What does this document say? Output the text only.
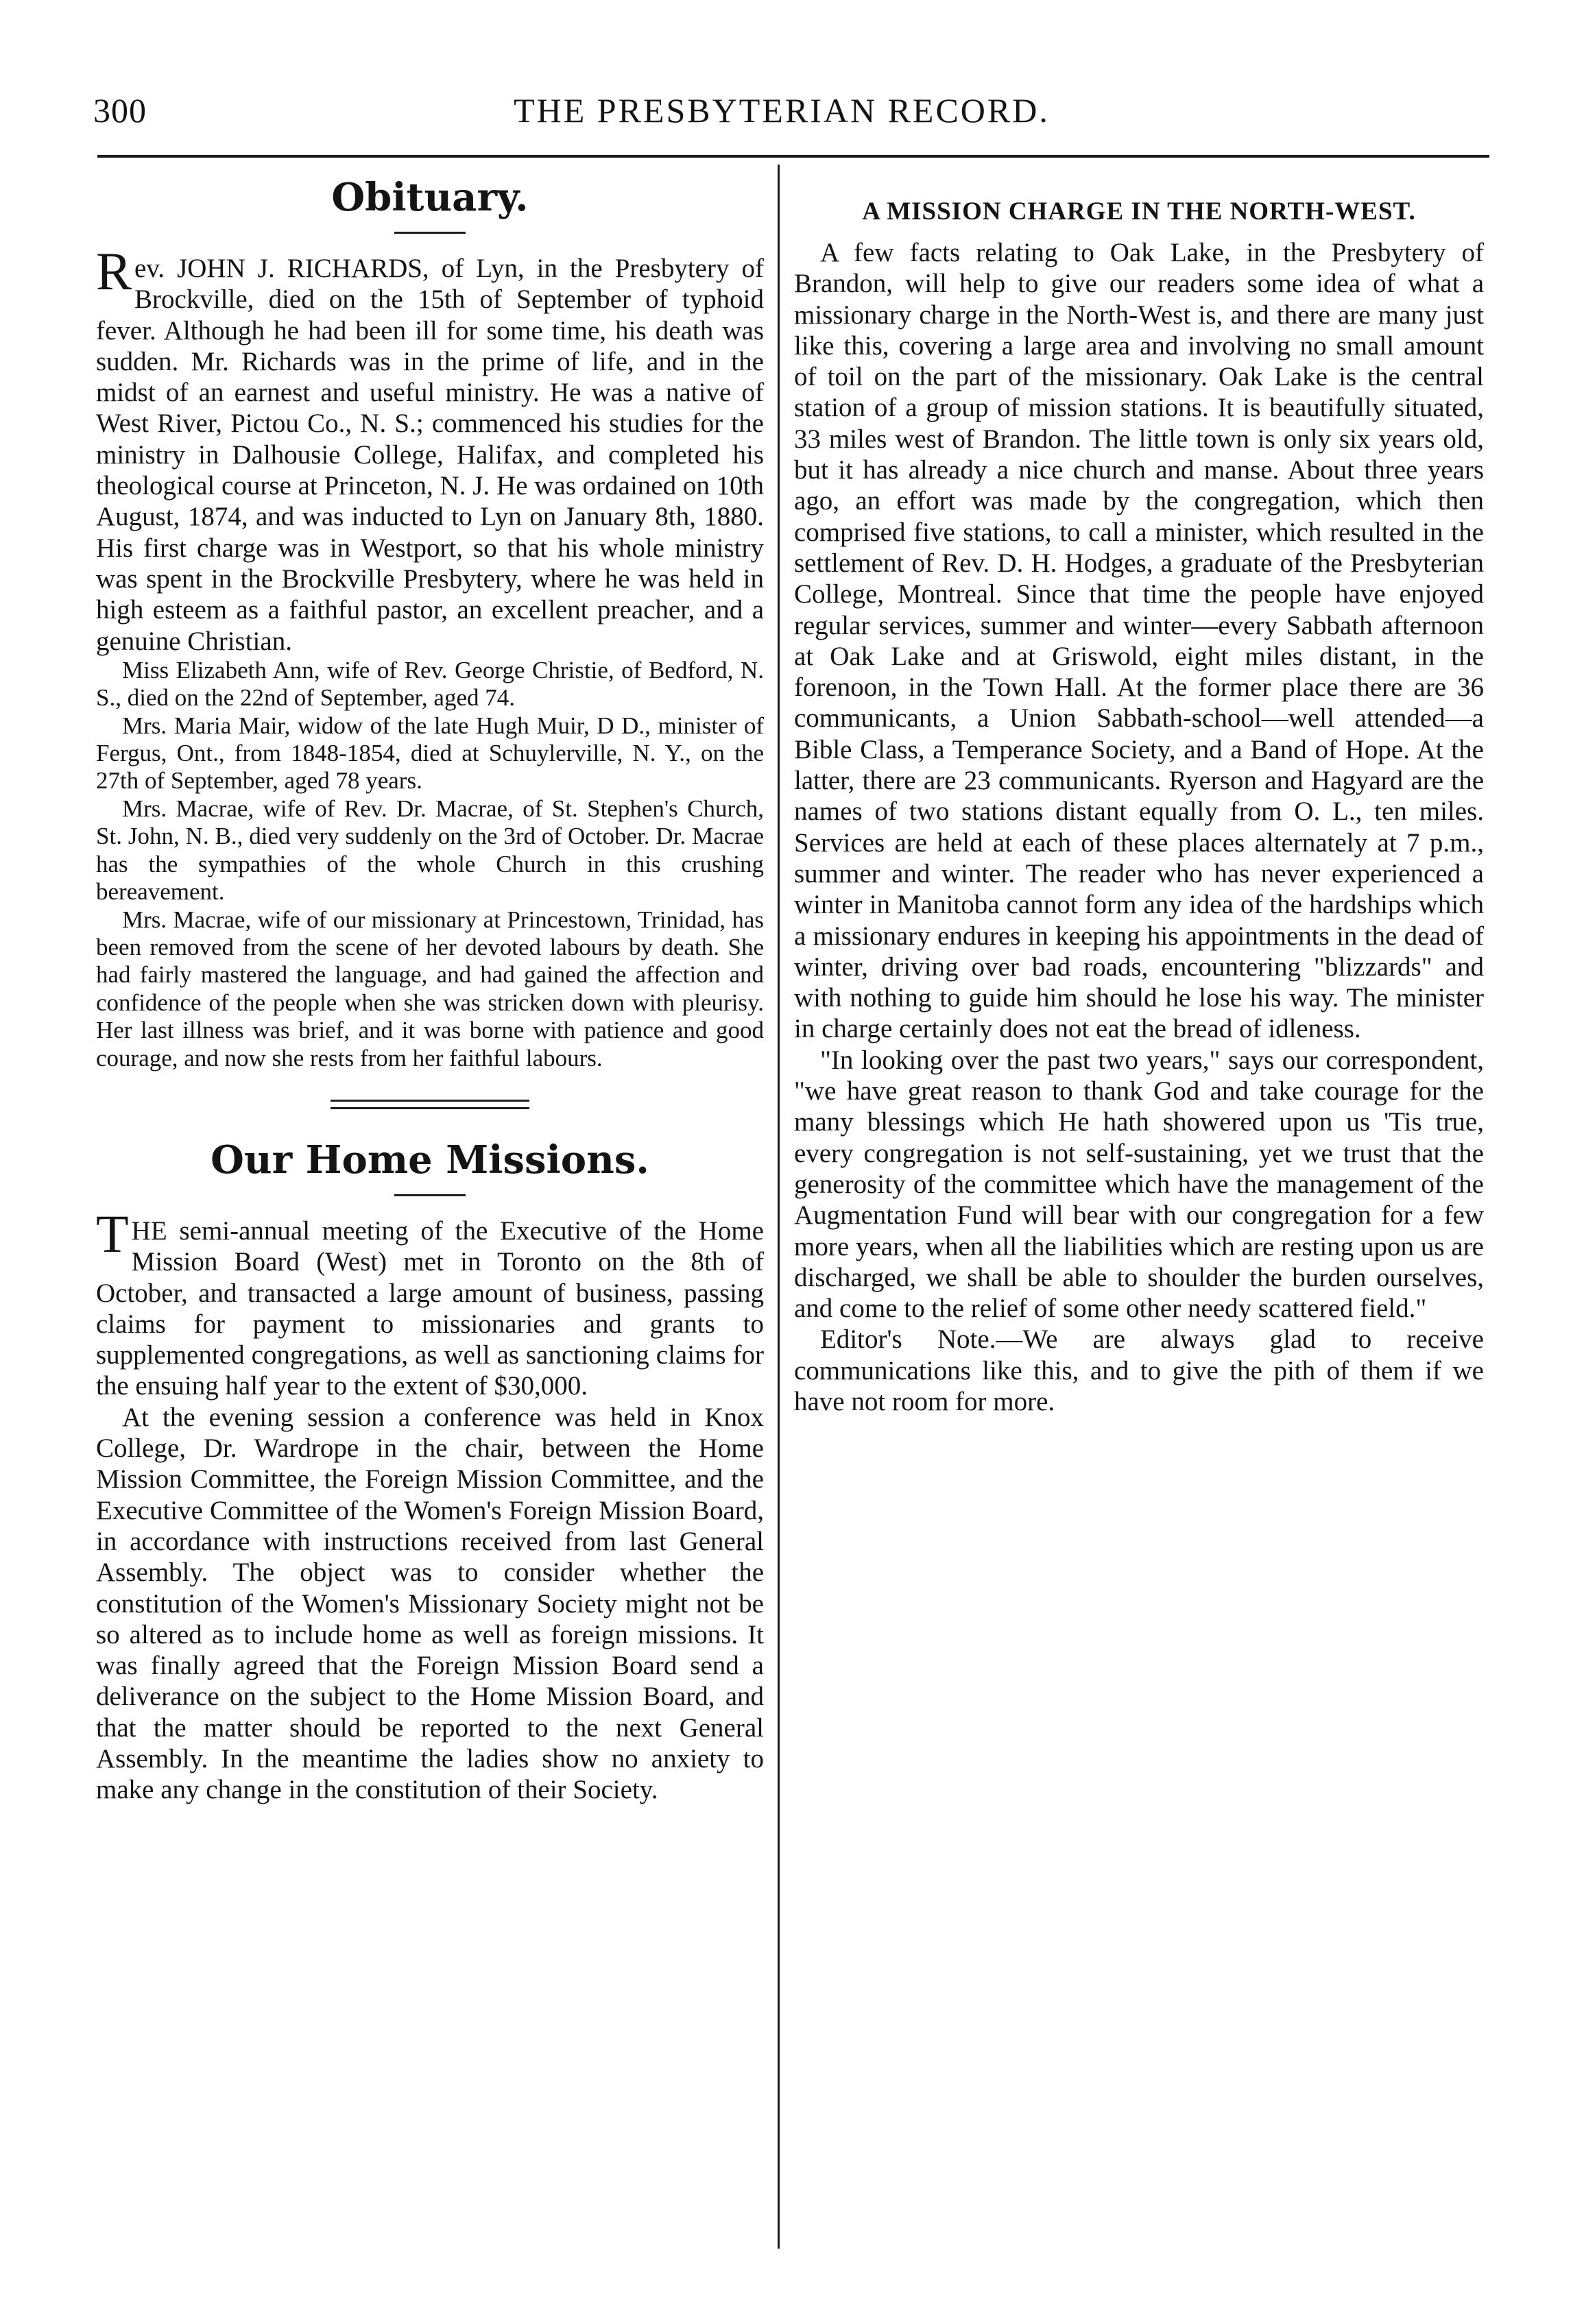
300	THE PRESBYTERIAN RECORD.
Obituary.

Rev. JOHN J. RICHARDS, of Lyn, in the Presbytery of Brockville, died on the 15th of September of typhoid fever. Although he had been ill for some time, his death was sudden. Mr. Richards was in the prime of life, and in the midst of an earnest and useful ministry. He was a native of West River, Pictou Co., N. S.; commenced his studies for the ministry in Dalhousie College, Halifax, and completed his theological course at Princeton, N. J. He was ordained on 10th August, 1874, and was inducted to Lyn on January 8th, 1880. His first charge was in Westport, so that his whole ministry was spent in the Brockville Presbytery, where he was held in high esteem as a faithful pastor, an excellent preacher, and a genuine Christian.

Miss Elizabeth Ann, wife of Rev. George Christie, of Bedford, N. S., died on the 22nd of September, aged 74.

Mrs. Maria Mair, widow of the late Hugh Muir, D D., minister of Fergus, Ont., from 1848-1854, died at Schuylerville, N. Y., on the 27th of September, aged 78 years.

Mrs. Macrae, wife of Rev. Dr. Macrae, of St. Stephen's Church, St. John, N. B., died very suddenly on the 3rd of October. Dr. Macrae has the sympathies of the whole Church in this crushing bereavement.

Mrs. Macrae, wife of our missionary at Princestown, Trinidad, has been removed from the scene of her devoted labours by death. She had fairly mastered the language, and had gained the affection and confidence of the people when she was stricken down with pleurisy. Her last illness was brief, and it was borne with patience and good courage, and now she rests from her faithful labours.

Our Home Missions.

THE semi-annual meeting of the Executive of the Home Mission Board (West) met in Toronto on the 8th of October, and transacted a large amount of business, passing claims for payment to missionaries and grants to supplemented congregations, as well as sanctioning claims for the ensuing half year to the extent of $30,000.

At the evening session a conference was held in Knox College, Dr. Wardrope in the chair, between the Home Mission Committee, the Foreign Mission Committee, and the Executive Committee of the Women's Foreign Mission Board, in accordance with instructions received from last General Assembly. The object was to consider whether the constitution of the Women's Missionary Society might not be so altered as to include home as well as foreign missions. It was finally agreed that the Foreign Mission Board send a deliverance on the subject to the Home Mission Board, and that the matter should be reported to the next General Assembly. In the meantime the ladies show no anxiety to make any change in the constitution of their Society.

A MISSION CHARGE IN THE NORTH-WEST.

A few facts relating to Oak Lake, in the Presbytery of Brandon, will help to give our readers some idea of what a missionary charge in the North-West is, and there are many just like this, covering a large area and involving no small amount of toil on the part of the missionary. Oak Lake is the central station of a group of mission stations. It is beautifully situated, 33 miles west of Brandon. The little town is only six years old, but it has already a nice church and manse. About three years ago, an effort was made by the congregation, which then comprised five stations, to call a minister, which resulted in the settlement of Rev. D. H. Hodges, a graduate of the Presbyterian College, Montreal. Since that time the people have enjoyed regular services, summer and winter—every Sabbath afternoon at Oak Lake and at Griswold, eight miles distant, in the forenoon, in the Town Hall. At the former place there are 36 communicants, a Union Sabbath-school—well attended—a Bible Class, a Temperance Society, and a Band of Hope. At the latter, there are 23 communicants. Ryerson and Hagyard are the names of two stations distant equally from O. L., ten miles. Services are held at each of these places alternately at 7 p.m., summer and winter. The reader who has never experienced a winter in Manitoba cannot form any idea of the hardships which a missionary endures in keeping his appointments in the dead of winter, driving over bad roads, encountering "blizzards" and with nothing to guide him should he lose his way. The minister in charge certainly does not eat the bread of idleness.

"In looking over the past two years," says our correspondent, "we have great reason to thank God and take courage for the many blessings which He hath showered upon us 'Tis true, every congregation is not self-sustaining, yet we trust that the generosity of the committee which have the management of the Augmentation Fund will bear with our congregation for a few more years, when all the liabilities which are resting upon us are discharged, we shall be able to shoulder the burden ourselves, and come to the relief of some other needy scattered field."

Editor's Note.—We are always glad to receive communications like this, and to give the pith of them if we have not room for more.
